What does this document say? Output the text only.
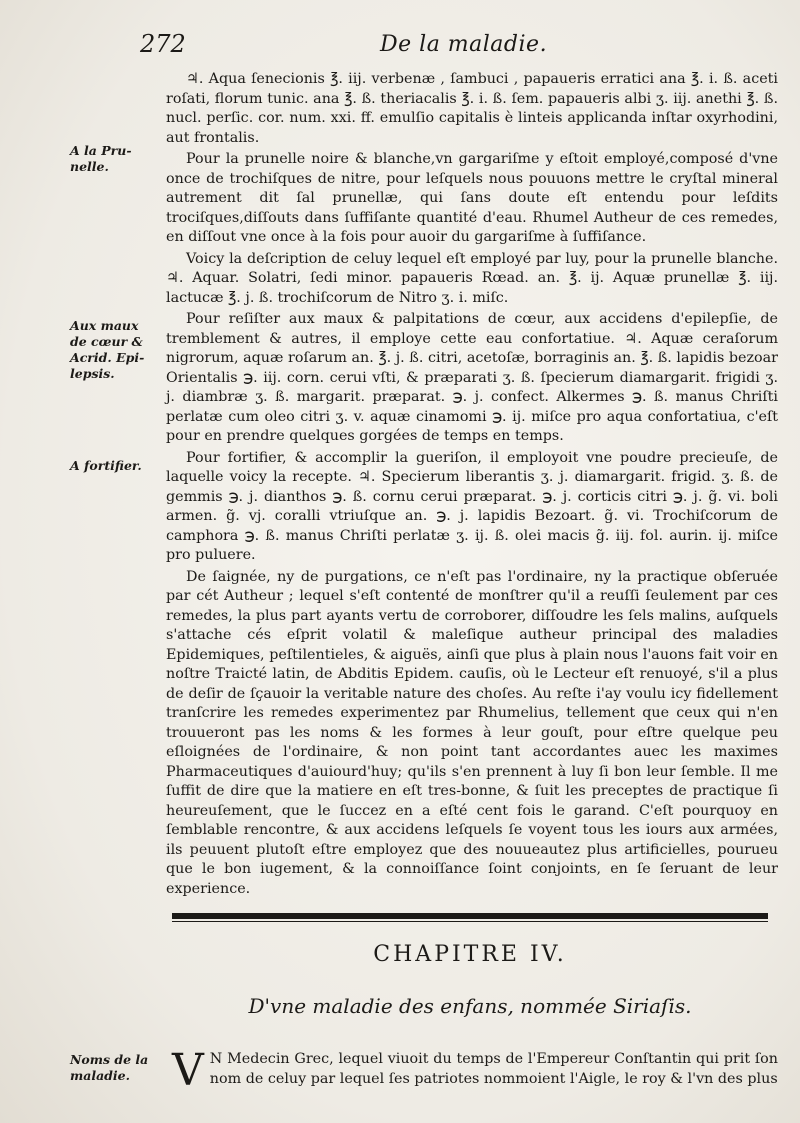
272	De la maladie.
A la Pru-nelle.
Aux maux de cœur & Acrid. Epi-lepsis.
A fortifier.
Noms de la maladie.

♃. Aqua ſenecionis ℥. iij. verbenæ , ſambuci , papaueris erratici ana ℥. i. ß. aceti roſati, florum tunic. ana ℥. ß. theriacalis ℥. i. ß. ſem. papaueris albi ʒ. iij. anethi ℥. ß. nucl. perſic. cor. num. xxi. ff. emulſio capitalis è linteis applicanda inſtar oxyrhodini, aut frontalis.

Pour la prunelle noire & blanche,vn gargariſme y eſtoit employé,composé d'vne once de trochiſques de nitre, pour leſquels nous pouuons mettre le cryſtal mineral autrement dit ſal prunellæ, qui ſans doute eſt entendu pour leſdits trociſques,diſſouts dans ſuffiſante quantité d'eau. Rhumel Autheur de ces remedes, en diſſout vne once à la fois pour auoir du gargariſme à ſuffiſance.

Voicy la deſcription de celuy lequel eſt employé par luy, pour la prunelle blanche. ♃. Aquar. Solatri, ſedi minor. papaueris Rœad. an. ℥. ij. Aquæ prunellæ ℥. iij. lactucæ ℥. j. ß. trochiſcorum de Nitro ʒ. i. miſc.

Pour reſiſter aux maux & palpitations de cœur, aux accidens d'epilepſie, de tremblement & autres, il employe cette eau confortatiue. ♃. Aquæ ceraſorum nigrorum, aquæ roſarum an. ℥. j. ß. citri, acetoſæ, borraginis an. ℥. ß. lapidis bezoar Orientalis ℈. iij. corn. cerui vſti, & præparati ʒ. ß. ſpecierum diamargarit. frigidi ʒ. j. diambræ ʒ. ß. margarit. præparat. ℈. j. confect. Alkermes ℈. ß. manus Chriſti perlatæ cum oleo citri ʒ. v. aquæ cinamomi ℈. ij. miſce pro aqua confortatiua, c'eſt pour en prendre quelques gorgées de temps en temps.

Pour fortifier, & accomplir la gueriſon, il employoit vne poudre precieuſe, de laquelle voicy la recepte. ♃. Specierum liberantis ʒ. j. diamargarit. frigid. ʒ. ß. de gemmis ℈. j. dianthos ℈. ß. cornu cerui præparat. ℈. j. corticis citri ℈. j. g̃. vi. boli armen. g̃. vj. coralli vtriuſque an. ℈. j. lapidis Bezoart. g̃. vi. Trochiſcorum de camphora ℈. ß. manus Chriſti perlatæ ʒ. ij. ß. olei macis g̃. iij. fol. aurin. ij. miſce pro puluere.

De ſaignée, ny de purgations, ce n'eſt pas l'ordinaire, ny la practique obſeruée par cét Autheur ; lequel s'eſt contenté de monſtrer qu'il a reuſſi ſeulement par ces remedes, la plus part ayants vertu de corroborer, diſſoudre les ſels malins, auſquels s'attache cés eſprit volatil & maleſique autheur principal des maladies Epidemiques, peſtilentieles, & aiguës, ainſi que plus à plain nous l'auons fait voir en noſtre Traicté latin, de Abditis Epidem. cauſis, où le Lecteur eſt renuoyé, s'il a plus de deſir de ſçauoir la veritable nature des choſes. Au reſte i'ay voulu icy fidellement tranſcrire les remedes experimentez par Rhumelius, tellement que ceux qui n'en trouueront pas les noms & les formes à leur gouſt, pour eſtre quelque peu eſloignées de l'ordinaire, & non point tant accordantes auec les maximes Pharmaceutiques d'auiourd'huy; qu'ils s'en prennent à luy ſi bon leur ſemble. Il me ſuffit de dire que la matiere en eſt tres-bonne, & ſuit les preceptes de practique ſi heureuſement, que le ſuccez en a eſté cent fois le garand. C'eſt pourquoy en ſemblable rencontre, & aux accidens leſquels ſe voyent tous les iours aux armées, ils peuuent plutoſt eſtre employez que des nouueautez plus artificielles, pourueu que le bon iugement, & la connoiſſance ſoint conjoints, en ſe ſeruant de leur experience.

CHAPITRE IV.
D'vne maladie des enfans, nommée Siriaſis.
V N Medecin Grec, lequel viuoit du temps de l'Empereur Conſtantin qui prit ſon nom de celuy par lequel ſes patriotes nommoient l'Aigle, le roy & l'vn des plus
